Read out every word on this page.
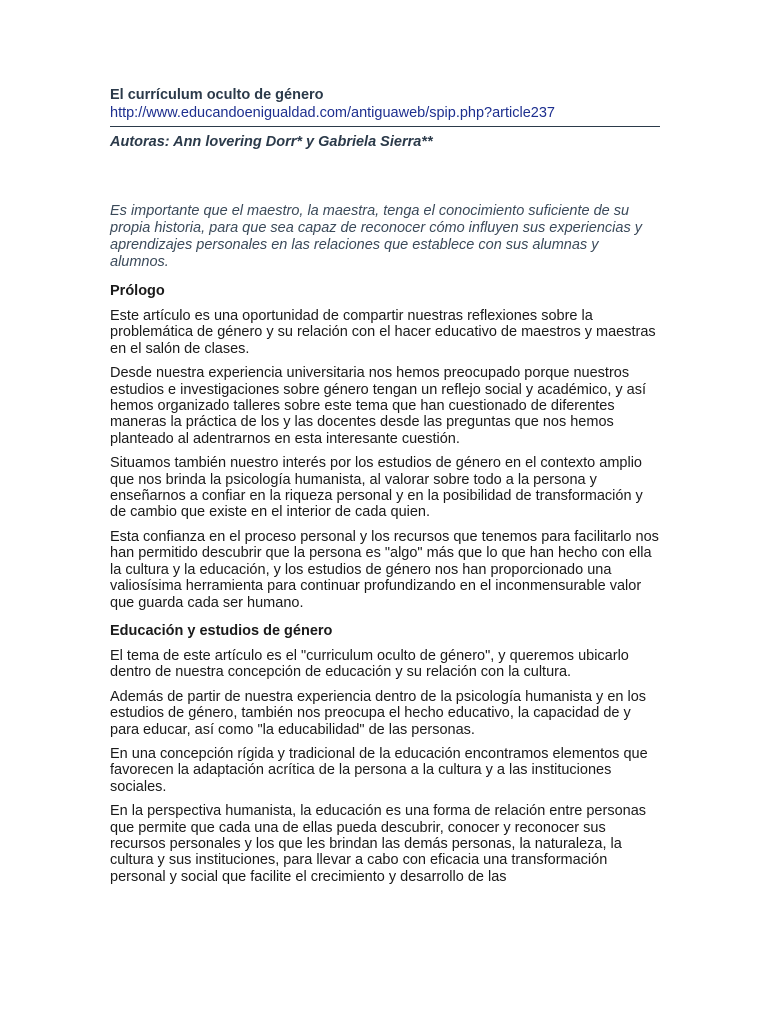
El currículum oculto de género
http://www.educandoenigualdad.com/antiguaweb/spip.php?article237

Autoras: Ann lovering Dorr* y Gabriela Sierra**

Es importante que el maestro, la maestra, tenga el conocimiento suficiente de su propia historia, para que sea capaz de reconocer cómo influyen sus experiencias y aprendizajes personales en las relaciones que establece con sus alumnas y alumnos.

Prólogo

Este artículo es una oportunidad de compartir nuestras reflexiones sobre la problemática de género y su relación con el hacer educativo de maestros y maestras en el salón de clases.

Desde nuestra experiencia universitaria nos hemos preocupado porque nuestros estudios e investigaciones sobre género tengan un reflejo social y académico, y así hemos organizado talleres sobre este tema que han cuestionado de diferentes maneras la práctica de los y las docentes desde las preguntas que nos hemos planteado al adentrarnos en esta interesante cuestión.

Situamos también nuestro interés por los estudios de género en el contexto amplio que nos brinda la psicología humanista, al valorar sobre todo a la persona y enseñarnos a confiar en la riqueza personal y en la posibilidad de transformación y de cambio que existe en el interior de cada quien.

Esta confianza en el proceso personal y los recursos que tenemos para facilitarlo nos han permitido descubrir que la persona es "algo" más que lo que han hecho con ella la cultura y la educación, y los estudios de género nos han proporcionado una valiosísima herramienta para continuar profundizando en el inconmensurable valor que guarda cada ser humano.

Educación y estudios de género

El tema de este artículo es el "curriculum oculto de género", y queremos ubicarlo dentro de nuestra concepción de educación y su relación con la cultura.

Además de partir de nuestra experiencia dentro de la psicología humanista y en los estudios de género, también nos preocupa el hecho educativo, la capacidad de y para educar, así como "la educabilidad" de las personas.

En una concepción rígida y tradicional de la educación encontramos elementos que favorecen la adaptación acrítica de la persona a la cultura y a las instituciones sociales.

En la perspectiva humanista, la educación es una forma de relación entre personas que permite que cada una de ellas pueda descubrir, conocer y reconocer sus recursos personales y los que les brindan las demás personas, la naturaleza, la cultura y sus instituciones, para llevar a cabo con eficacia una transformación personal y social que facilite el crecimiento y desarrollo de las
